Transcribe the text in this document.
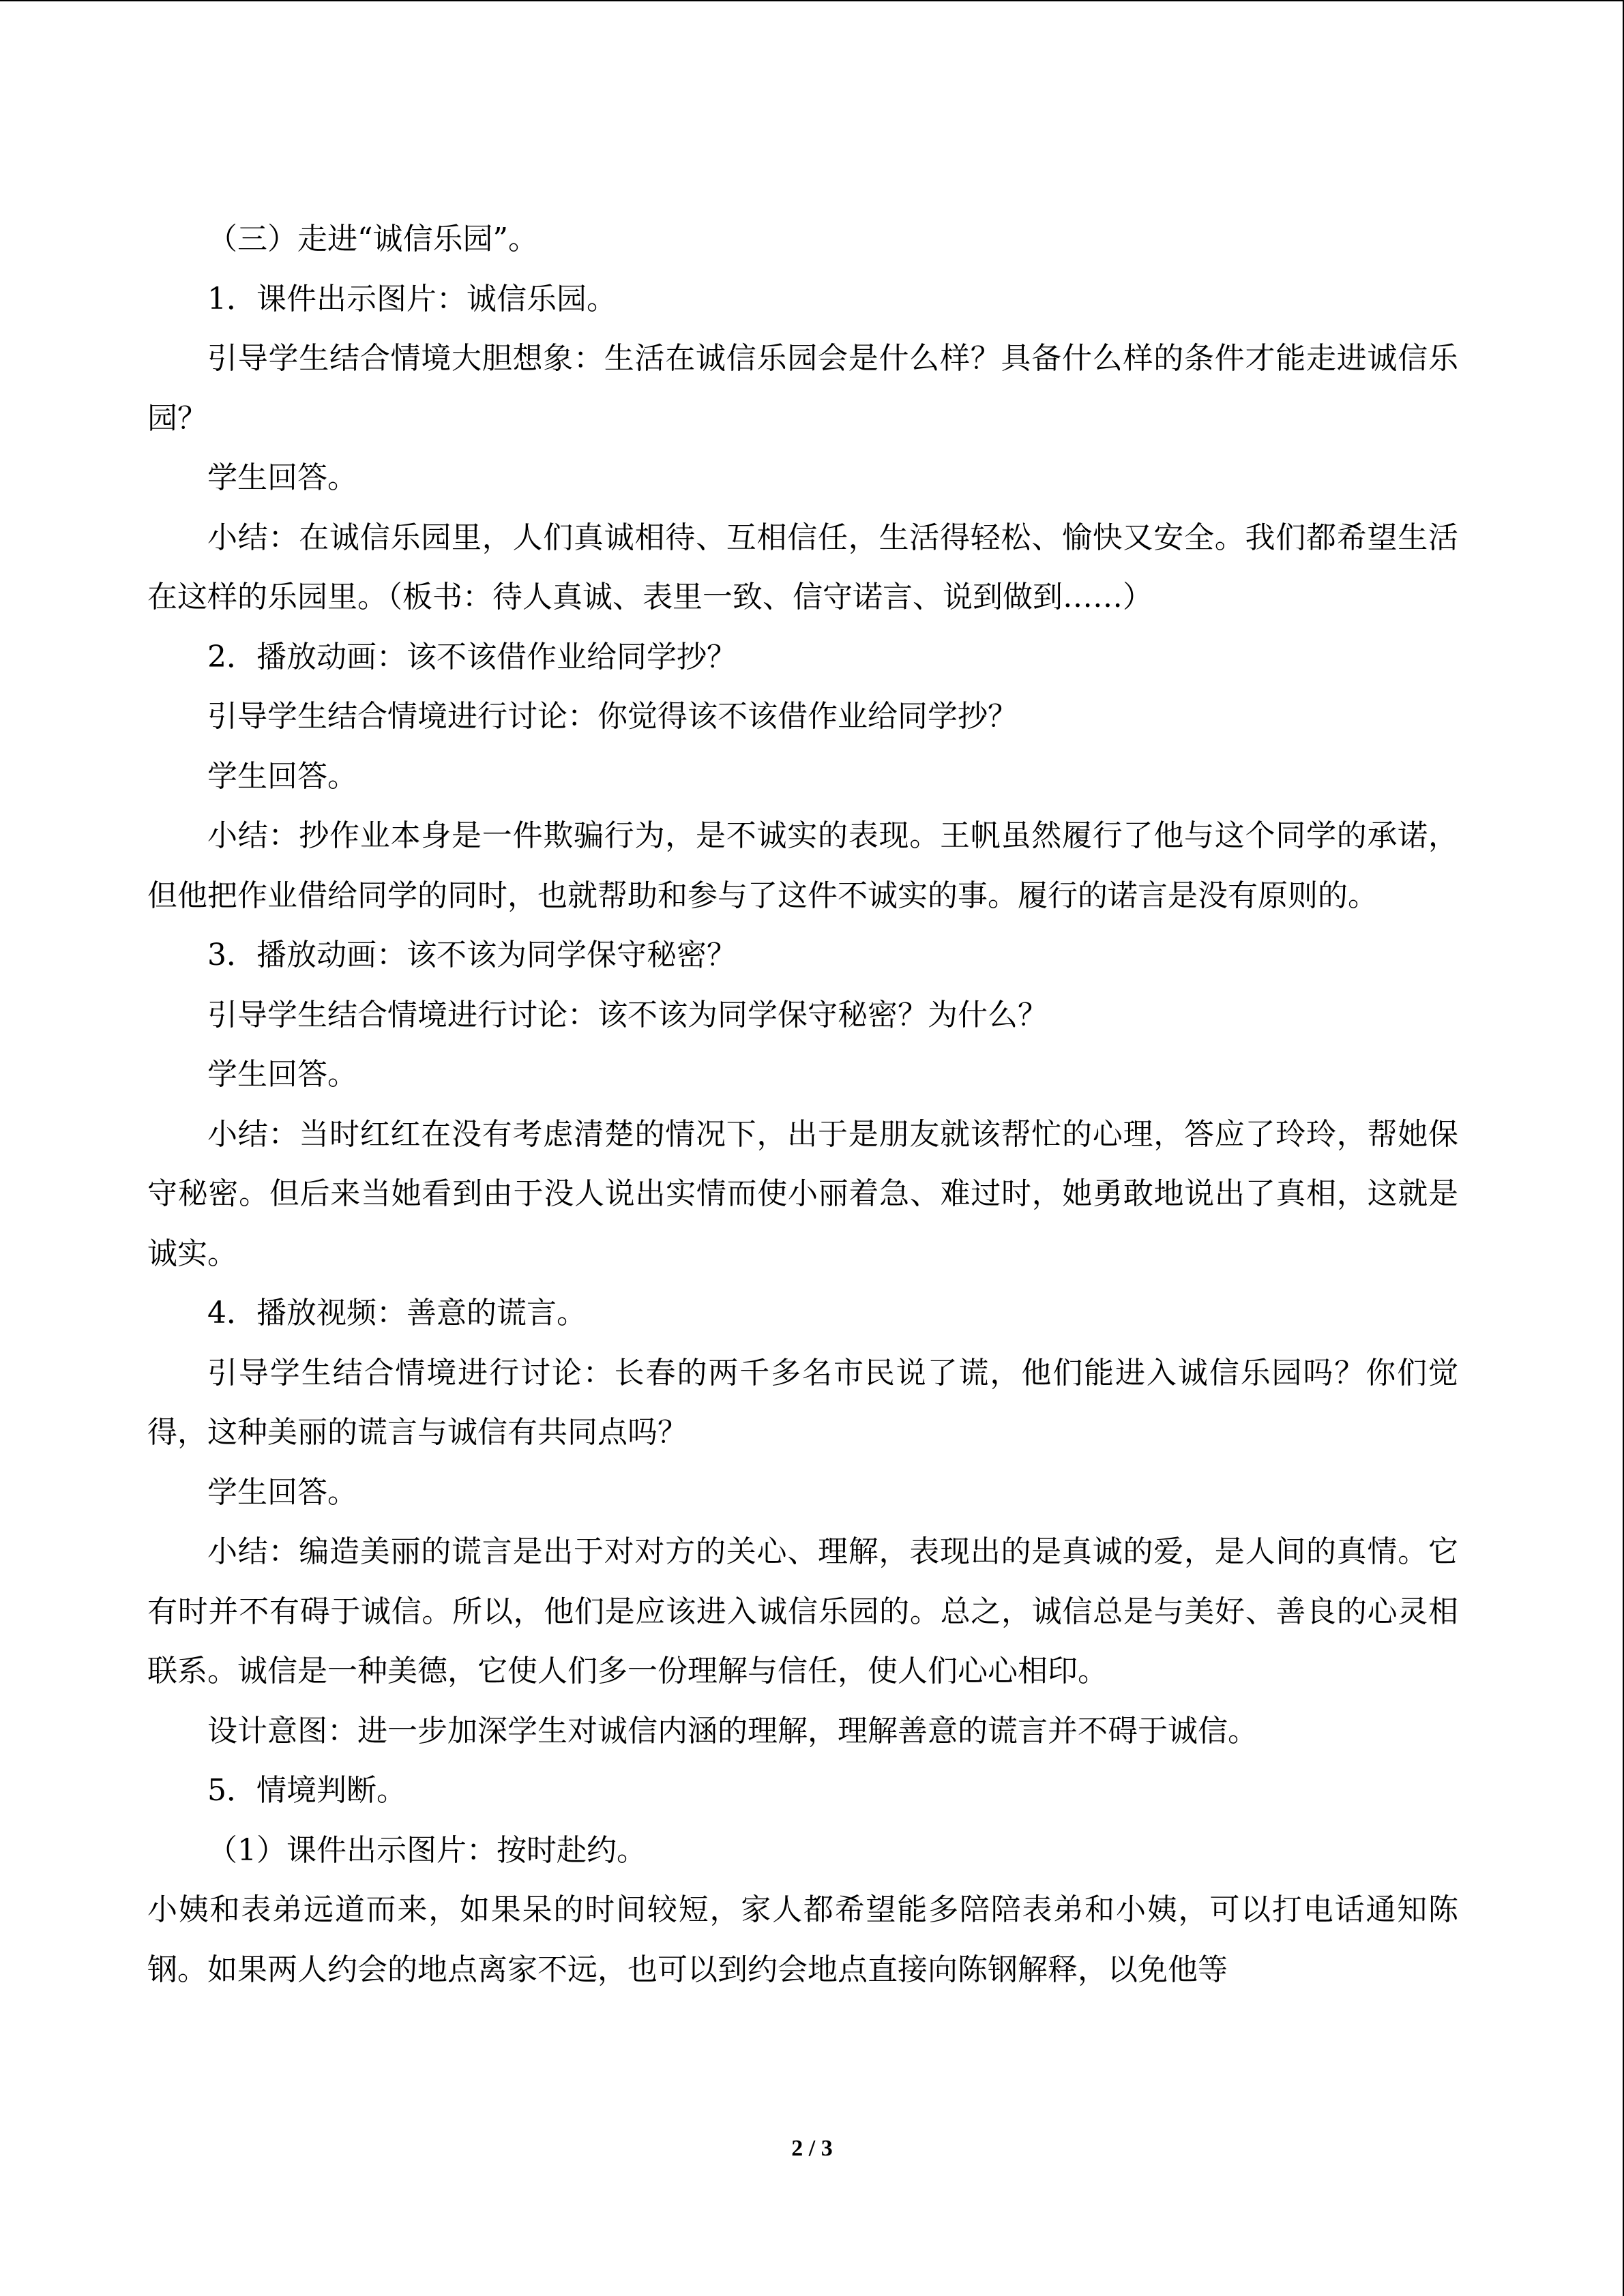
（三）走进“诚信乐园”。

1．课件出示图片：诚信乐园。

引导学生结合情境大胆想象：生活在诚信乐园会是什么样？具备什么样的条件才能走进诚信乐园？

学生回答。

小结：在诚信乐园里，人们真诚相待、互相信任，生活得轻松、愉快又安全。我们都希望生活在这样的乐园里。（板书：待人真诚、表里一致、信守诺言、说到做到……）

2．播放动画：该不该借作业给同学抄？

引导学生结合情境进行讨论：你觉得该不该借作业给同学抄？

学生回答。

小结：抄作业本身是一件欺骗行为，是不诚实的表现。王帆虽然履行了他与这个同学的承诺，但他把作业借给同学的同时，也就帮助和参与了这件不诚实的事。履行的诺言是没有原则的。

3．播放动画：该不该为同学保守秘密？

引导学生结合情境进行讨论：该不该为同学保守秘密？为什么？

学生回答。

小结：当时红红在没有考虑清楚的情况下，出于是朋友就该帮忙的心理，答应了玲玲，帮她保守秘密。但后来当她看到由于没人说出实情而使小丽着急、难过时，她勇敢地说出了真相，这就是诚实。

4．播放视频：善意的谎言。

引导学生结合情境进行讨论：长春的两千多名市民说了谎，他们能进入诚信乐园吗？你们觉得，这种美丽的谎言与诚信有共同点吗？

学生回答。

小结：编造美丽的谎言是出于对对方的关心、理解，表现出的是真诚的爱，是人间的真情。它有时并不有碍于诚信。所以，他们是应该进入诚信乐园的。总之，诚信总是与美好、善良的心灵相联系。诚信是一种美德，它使人们多一份理解与信任，使人们心心相印。

设计意图：进一步加深学生对诚信内涵的理解，理解善意的谎言并不碍于诚信。

5．情境判断。

（1）课件出示图片：按时赴约。

小姨和表弟远道而来，如果呆的时间较短，家人都希望能多陪陪表弟和小姨，可以打电话通知陈钢。如果两人约会的地点离家不远，也可以到约会地点直接向陈钢解释，以免他等

2 / 3
